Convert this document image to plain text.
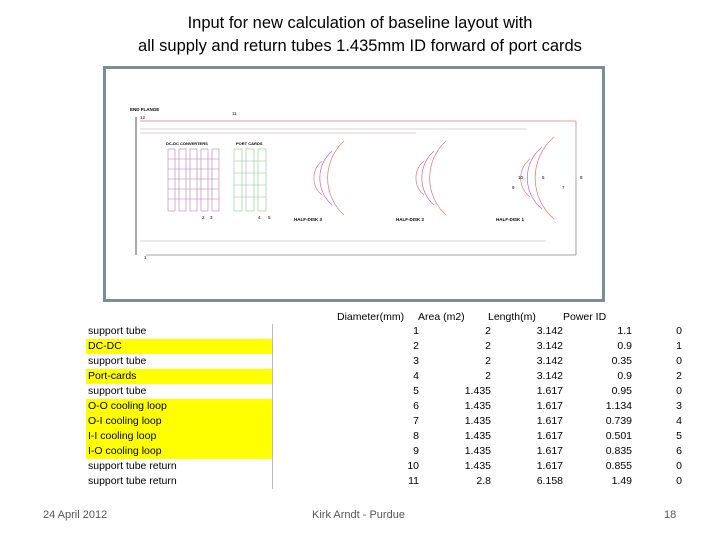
Input for new calculation of baseline layout with
all supply and return tubes 1.435mm ID forward of port cards
END FLANGE
12
11
1
DC-DC CONVERTERS
2 3
PORT CARDS
4 5	HALF-DISK 3	HALF-DISK 2	HALF-DISK 1
10	6	8
9	7
Diameter(mm) Area (m2) Length(m)	Power ID
support tube	1	2	3.142	1.1	0
DC-DC	2	2	3.142	0.9	1
support tube	3	2	3.142	0.35	0
Port-cards	4	2	3.142	0.9	2
support tube	5	1.435	1.617	0.95	0
O-O cooling loop	6	1.435	1.617	1.134	3
O-I cooling loop	7	1.435	1.617	0.739	4
I-I cooling loop	8	1.435	1.617	0.501	5
I-O cooling loop	9	1.435	1.617	0.835	6
support tube return	10	1.435	1.617	0.855	0
support tube return	11	2.8	6.158	1.49	0
24 April 2012	Kirk Arndt - Purdue	18
